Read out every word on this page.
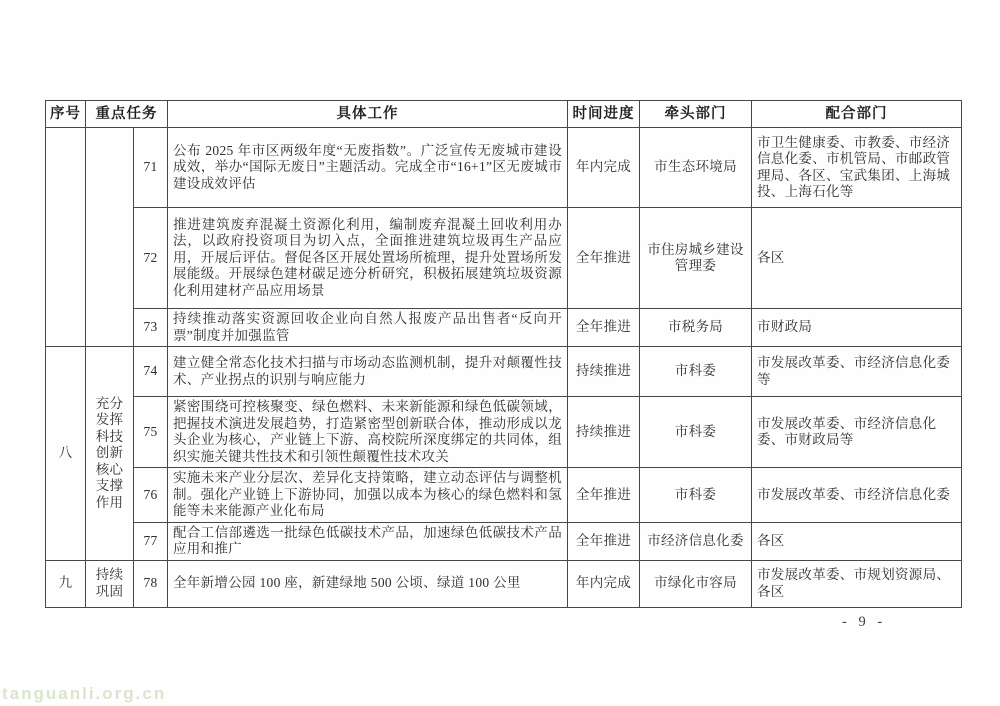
序号	重点任务		具体工作	时间进度	牵头部门	配合部门
		71	公布 2025 年市区两级年度“无废指数”。广泛宣传无废城市建设成效，举办“国际无废日”主题活动。完成全市“16+1”区无废城市建设成效评估	年内完成	市生态环境局	市卫生健康委、市教委、市经济信息化委、市机管局、市邮政管理局、各区、宝武集团、上海城投、上海石化等
		72	推进建筑废弃混凝土资源化利用，编制废弃混凝土回收利用办法，以政府投资项目为切入点，全面推进建筑垃圾再生产品应用，开展后评估。督促各区开展处置场所梳理，提升处置场所发展能级。开展绿色建材碳足迹分析研究，积极拓展建筑垃圾资源化利用建材产品应用场景	全年推进	市住房城乡建设管理委	各区
		73	持续推动落实资源回收企业向自然人报废产品出售者“反向开票”制度并加强监管	全年推进	市税务局	市财政局
八	充分发挥科技创新核心支撑作用	74	建立健全常态化技术扫描与市场动态监测机制，提升对颠覆性技术、产业拐点的识别与响应能力	持续推进	市科委	市发展改革委、市经济信息化委等
		75	紧密围绕可控核聚变、绿色燃料、未来新能源和绿色低碳领域，把握技术演进发展趋势，打造紧密型创新联合体，推动形成以龙头企业为核心，产业链上下游、高校院所深度绑定的共同体，组织实施关键共性技术和引领性颠覆性技术攻关	持续推进	市科委	市发展改革委、市经济信息化委、市财政局等
		76	实施未来产业分层次、差异化支持策略，建立动态评估与调整机制。强化产业链上下游协同，加强以成本为核心的绿色燃料和氢能等未来能源产业化布局	全年推进	市科委	市发展改革委、市经济信息化委
		77	配合工信部遴选一批绿色低碳技术产品，加速绿色低碳技术产品应用和推广	全年推进	市经济信息化委	各区
九	持续巩固	78	全年新增公园 100 座，新建绿地 500 公顷、绿道 100 公里	年内完成	市绿化市容局	市发展改革委、市规划资源局、各区
- 9 -
tanguanli.org.cn
